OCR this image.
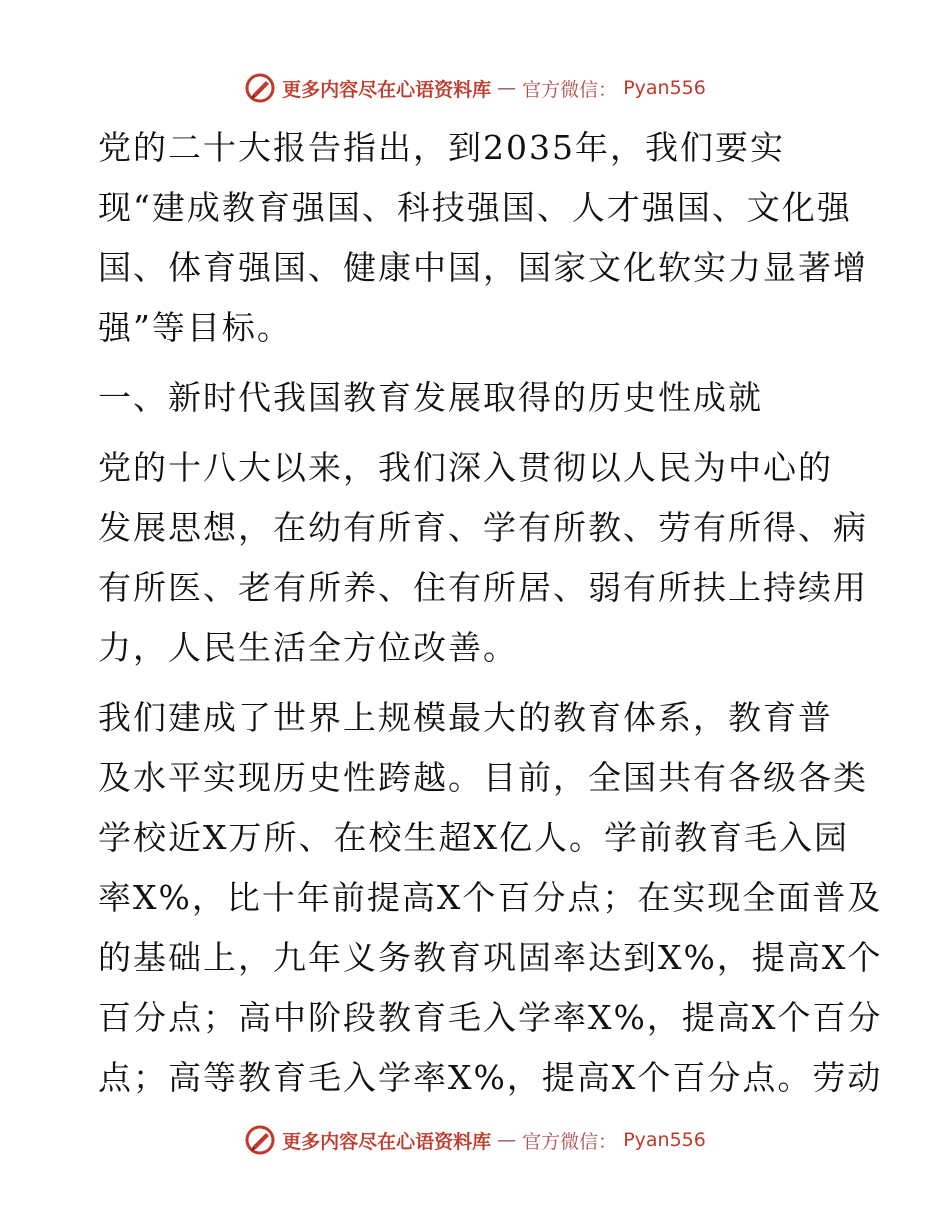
更多内容尽在心语资料库 — 官方微信： Pyan556

党的二十大报告指出，到2035年，我们要实
现“建成教育强国、科技强国、人才强国、文化强
国、体育强国、健康中国，国家文化软实力显著增
强”等目标。

一、新时代我国教育发展取得的历史性成就

党的十八大以来，我们深入贯彻以人民为中心的
发展思想，在幼有所育、学有所教、劳有所得、病
有所医、老有所养、住有所居、弱有所扶上持续用
力，人民生活全方位改善。

我们建成了世界上规模最大的教育体系，教育普
及水平实现历史性跨越。目前，全国共有各级各类
学校近X万所、在校生超X亿人。学前教育毛入园
率X%，比十年前提高X个百分点；在实现全面普及
的基础上，九年义务教育巩固率达到X%，提高X个
百分点；高中阶段教育毛入学率X%，提高X个百分
点；高等教育毛入学率X%，提高X个百分点。劳动

更多内容尽在心语资料库 — 官方微信： Pyan556
